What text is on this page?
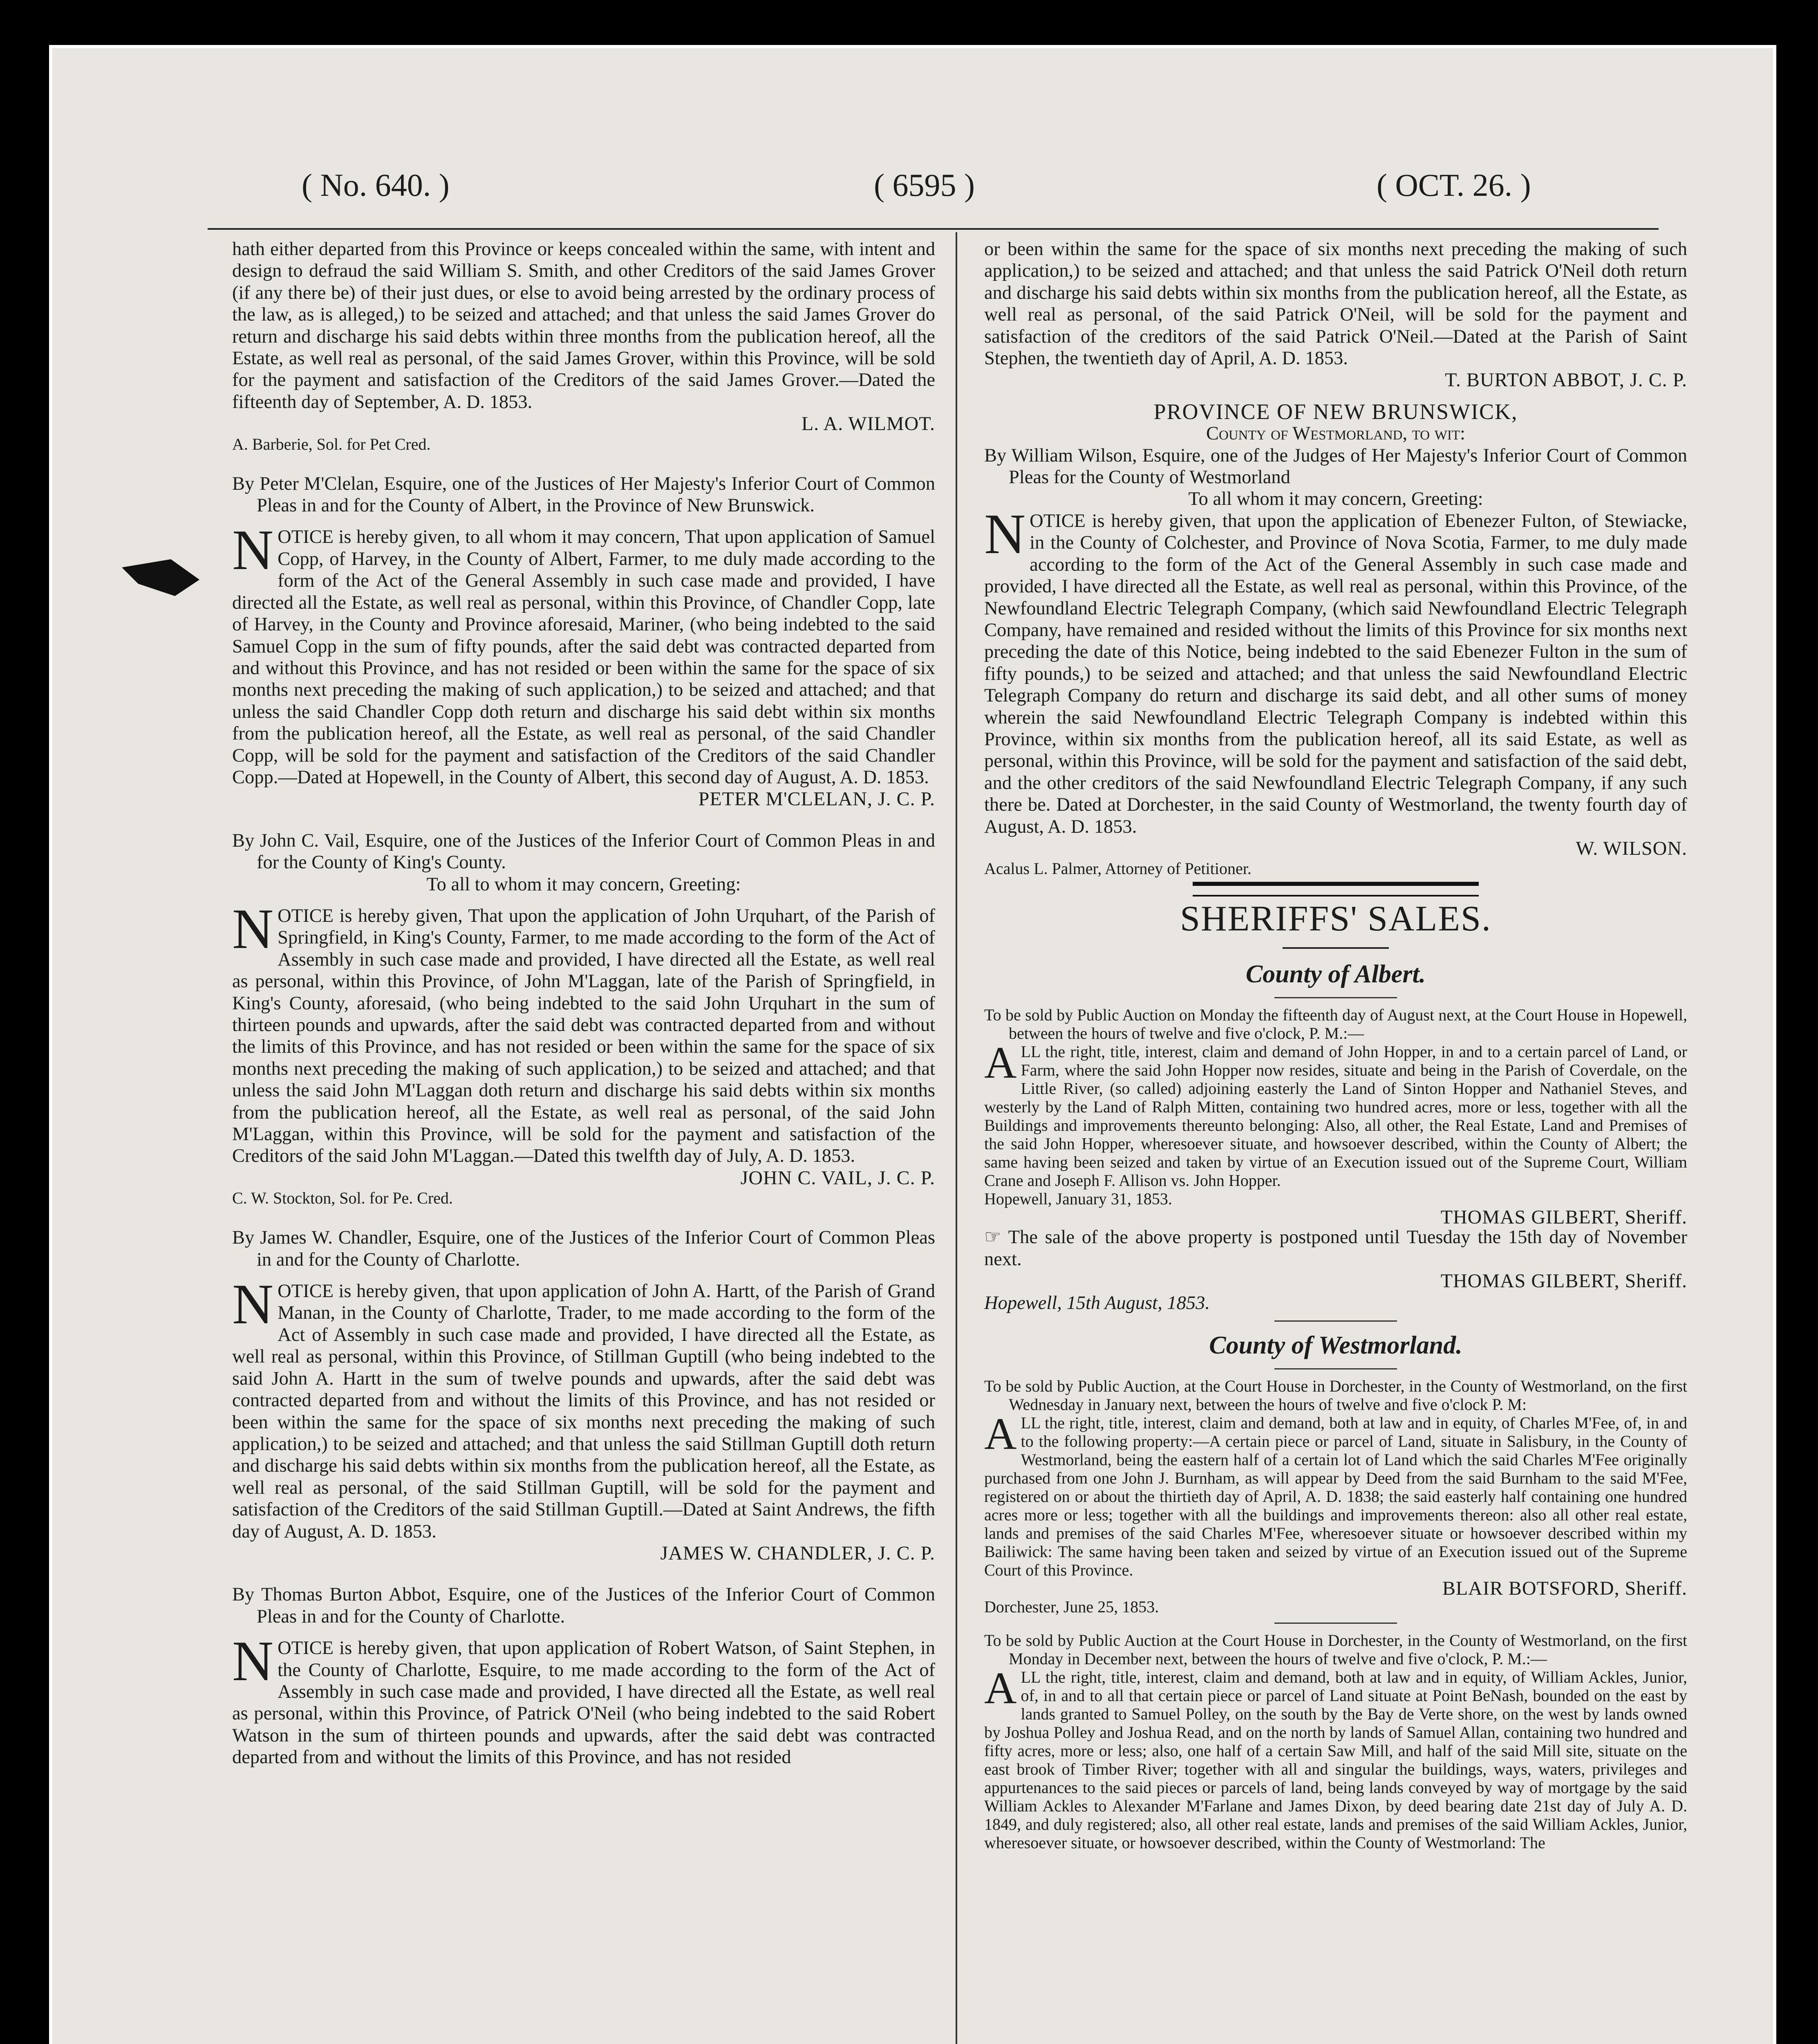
( No. 640. )	( 6595 )	( OCT. 26. )

hath either departed from this Province or keeps concealed within the same, with intent and design to defraud the said William S. Smith, and other Creditors of the said James Grover (if any there be) of their just dues, or else to avoid being arrested by the ordinary process of the law, as is alleged,) to be seized and attached; and that unless the said James Grover do return and discharge his said debts within three months from the publication hereof, all the Estate, as well real as personal, of the said James Grover, within this Province, will be sold for the payment and satisfaction of the Creditors of the said James Grover.—Dated the fifteenth day of September, A. D. 1853.

L. A. WILMOT.

A. Barberie, Sol. for Pet Cred.

By Peter M'Clelan, Esquire, one of the Justices of Her Majesty's Inferior Court of Common Pleas in and for the County of Albert, in the Province of New Brunswick.

NOTICE is hereby given, to all whom it may concern, That upon application of Samuel Copp, of Harvey, in the County of Albert, Farmer, to me duly made according to the form of the Act of the General Assembly in such case made and provided, I have directed all the Estate, as well real as personal, within this Province, of Chandler Copp, late of Harvey, in the County and Province aforesaid, Mariner, (who being indebted to the said Samuel Copp in the sum of fifty pounds, after the said debt was contracted departed from and without this Province, and has not resided or been within the same for the space of six months next preceding the making of such application,) to be seized and attached; and that unless the said Chandler Copp doth return and discharge his said debt within six months from the publication hereof, all the Estate, as well real as personal, of the said Chandler Copp, will be sold for the payment and satisfaction of the Creditors of the said Chandler Copp.—Dated at Hopewell, in the County of Albert, this second day of August, A. D. 1853.

PETER M'CLELAN, J. C. P.

By John C. Vail, Esquire, one of the Justices of the Inferior Court of Common Pleas in and for the County of King's County.

To all to whom it may concern, Greeting:

NOTICE is hereby given, That upon the application of John Urquhart, of the Parish of Springfield, in King's County, Farmer, to me made according to the form of the Act of Assembly in such case made and provided, I have directed all the Estate, as well real as personal, within this Province, of John M'Laggan, late of the Parish of Springfield, in King's County, aforesaid, (who being indebted to the said John Urquhart in the sum of thirteen pounds and upwards, after the said debt was contracted departed from and without the limits of this Province, and has not resided or been within the same for the space of six months next preceding the making of such application,) to be seized and attached; and that unless the said John M'Laggan doth return and discharge his said debts within six months from the publication hereof, all the Estate, as well real as personal, of the said John M'Laggan, within this Province, will be sold for the payment and satisfaction of the Creditors of the said John M'Laggan.—Dated this twelfth day of July, A. D. 1853.

JOHN C. VAIL, J. C. P.

C. W. Stockton, Sol. for Pe. Cred.

By James W. Chandler, Esquire, one of the Justices of the Inferior Court of Common Pleas in and for the County of Charlotte.

NOTICE is hereby given, that upon application of John A. Hartt, of the Parish of Grand Manan, in the County of Charlotte, Trader, to me made according to the form of the Act of Assembly in such case made and provided, I have directed all the Estate, as well real as personal, within this Province, of Stillman Guptill (who being indebted to the said John A. Hartt in the sum of twelve pounds and upwards, after the said debt was contracted departed from and without the limits of this Province, and has not resided or been within the same for the space of six months next preceding the making of such application,) to be seized and attached; and that unless the said Stillman Guptill doth return and discharge his said debts within six months from the publication hereof, all the Estate, as well real as personal, of the said Stillman Guptill, will be sold for the payment and satisfaction of the Creditors of the said Stillman Guptill.—Dated at Saint Andrews, the fifth day of August, A. D. 1853.

JAMES W. CHANDLER, J. C. P.

By Thomas Burton Abbot, Esquire, one of the Justices of the Inferior Court of Common Pleas in and for the County of Charlotte.

NOTICE is hereby given, that upon application of Robert Watson, of Saint Stephen, in the County of Charlotte, Esquire, to me made according to the form of the Act of Assembly in such case made and provided, I have directed all the Estate, as well real as personal, within this Province, of Patrick O'Neil (who being indebted to the said Robert Watson in the sum of thirteen pounds and upwards, after the said debt was contracted departed from and without the limits of this Province, and has not resided

or been within the same for the space of six months next preceding the making of such application,) to be seized and attached; and that unless the said Patrick O'Neil doth return and discharge his said debts within six months from the publication hereof, all the Estate, as well real as personal, of the said Patrick O'Neil, will be sold for the payment and satisfaction of the creditors of the said Patrick O'Neil.—Dated at the Parish of Saint Stephen, the twentieth day of April, A. D. 1853.

T. BURTON ABBOT, J. C. P.

PROVINCE OF NEW BRUNSWICK,

County of Westmorland, to wit:

By William Wilson, Esquire, one of the Judges of Her Majesty's Inferior Court of Common Pleas for the County of Westmorland

To all whom it may concern, Greeting:

NOTICE is hereby given, that upon the application of Ebenezer Fulton, of Stewiacke, in the County of Colchester, and Province of Nova Scotia, Farmer, to me duly made according to the form of the Act of the General Assembly in such case made and provided, I have directed all the Estate, as well real as personal, within this Province, of the Newfoundland Electric Telegraph Company, (which said Newfoundland Electric Telegraph Company, have remained and resided without the limits of this Province for six months next preceding the date of this Notice, being indebted to the said Ebenezer Fulton in the sum of fifty pounds,) to be seized and attached; and that unless the said Newfoundland Electric Telegraph Company do return and discharge its said debt, and all other sums of money wherein the said Newfoundland Electric Telegraph Company is indebted within this Province, within six months from the publication hereof, all its said Estate, as well as personal, within this Province, will be sold for the payment and satisfaction of the said debt, and the other creditors of the said Newfoundland Electric Telegraph Company, if any such there be. Dated at Dorchester, in the said County of Westmorland, the twenty fourth day of August, A. D. 1853.

W. WILSON.

Acalus L. Palmer, Attorney of Petitioner.

SHERIFFS' SALES.

County of Albert.

To be sold by Public Auction on Monday the fifteenth day of August next, at the Court House in Hopewell, between the hours of twelve and five o'clock, P. M.:—

ALL the right, title, interest, claim and demand of John Hopper, in and to a certain parcel of Land, or Farm, where the said John Hopper now resides, situate and being in the Parish of Coverdale, on the Little River, (so called) adjoining easterly the Land of Sinton Hopper and Nathaniel Steves, and westerly by the Land of Ralph Mitten, containing two hundred acres, more or less, together with all the Buildings and improvements thereunto belonging: Also, all other, the Real Estate, Land and Premises of the said John Hopper, wheresoever situate, and howsoever described, within the County of Albert; the same having been seized and taken by virtue of an Execution issued out of the Supreme Court, William Crane and Joseph F. Allison vs. John Hopper.

Hopewell, January 31, 1853.

THOMAS GILBERT, Sheriff.

☞ The sale of the above property is postponed until Tuesday the 15th day of November next.

THOMAS GILBERT, Sheriff.

Hopewell, 15th August, 1853.

County of Westmorland.

To be sold by Public Auction, at the Court House in Dorchester, in the County of Westmorland, on the first Wednesday in January next, between the hours of twelve and five o'clock P. M:

ALL the right, title, interest, claim and demand, both at law and in equity, of Charles M'Fee, of, in and to the following property:—A certain piece or parcel of Land, situate in Salisbury, in the County of Westmorland, being the eastern half of a certain lot of Land which the said Charles M'Fee originally purchased from one John J. Burnham, as will appear by Deed from the said Burnham to the said M'Fee, registered on or about the thirtieth day of April, A. D. 1838; the said easterly half containing one hundred acres more or less; together with all the buildings and improvements thereon: also all other real estate, lands and premises of the said Charles M'Fee, wheresoever situate or howsoever described within my Bailiwick: The same having been taken and seized by virtue of an Execution issued out of the Supreme Court of this Province.

BLAIR BOTSFORD, Sheriff.

Dorchester, June 25, 1853.

To be sold by Public Auction at the Court House in Dorchester, in the County of Westmorland, on the first Monday in December next, between the hours of twelve and five o'clock, P. M.:—

ALL the right, title, interest, claim and demand, both at law and in equity, of William Ackles, Junior, of, in and to all that certain piece or parcel of Land situate at Point BeNash, bounded on the east by lands granted to Samuel Polley, on the south by the Bay de Verte shore, on the west by lands owned by Joshua Polley and Joshua Read, and on the north by lands of Samuel Allan, containing two hundred and fifty acres, more or less; also, one half of a certain Saw Mill, and half of the said Mill site, situate on the east brook of Timber River; together with all and singular the buildings, ways, waters, privileges and appurtenances to the said pieces or parcels of land, being lands conveyed by way of mortgage by the said William Ackles to Alexander M'Farlane and James Dixon, by deed bearing date 21st day of July A. D. 1849, and duly registered; also, all other real estate, lands and premises of the said William Ackles, Junior, wheresoever situate, or howsoever described, within the County of Westmorland: The
